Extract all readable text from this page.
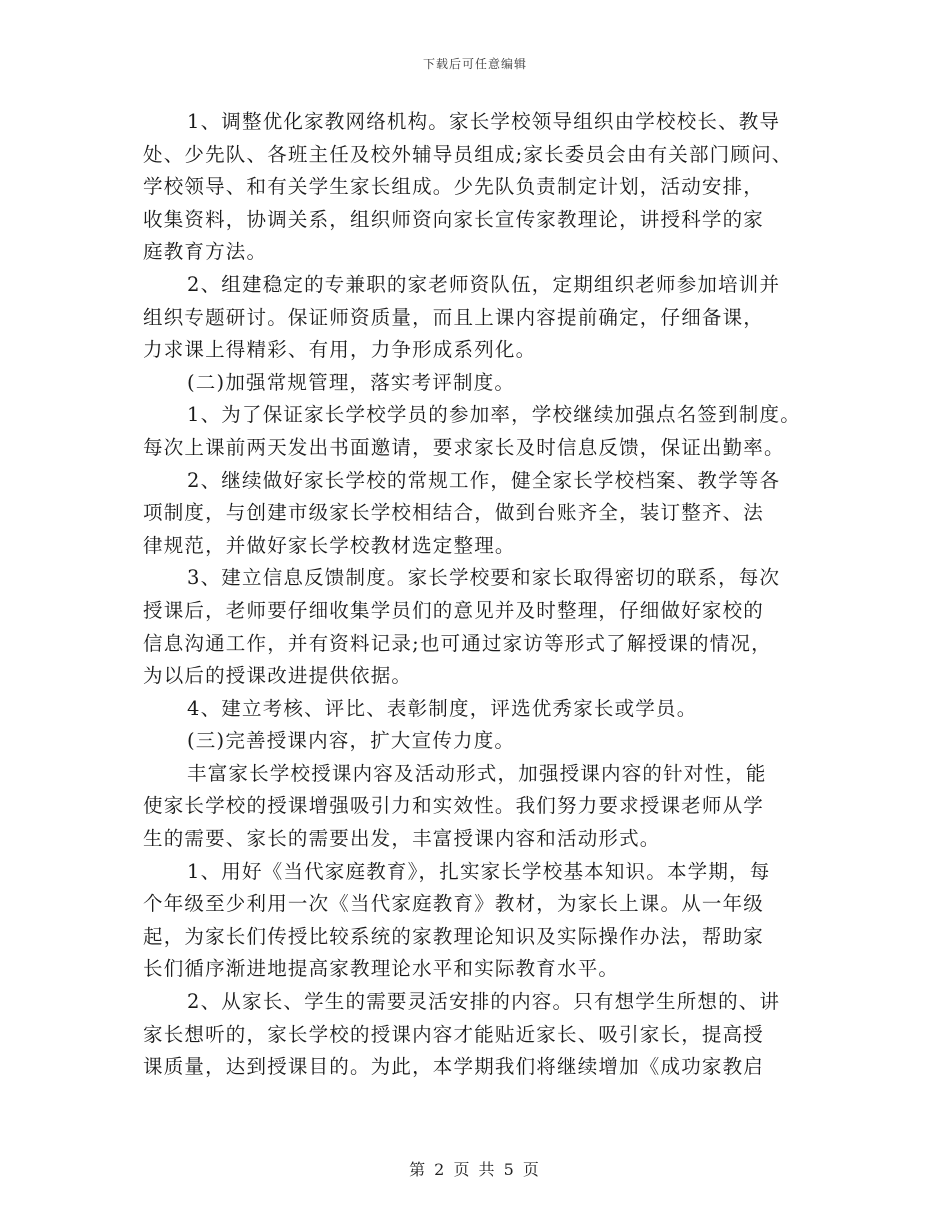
下载后可任意编辑
1、调整优化家教网络机构。家长学校领导组织由学校校长、教导
处、少先队、各班主任及校外辅导员组成;家长委员会由有关部门顾问、
学校领导、和有关学生家长组成。少先队负责制定计划，活动安排，
收集资料，协调关系，组织师资向家长宣传家教理论，讲授科学的家
庭教育方法。
2、组建稳定的专兼职的家老师资队伍，定期组织老师参加培训并
组织专题研讨。保证师资质量，而且上课内容提前确定，仔细备课，
力求课上得精彩、有用，力争形成系列化。
(二)加强常规管理，落实考评制度。
1、为了保证家长学校学员的参加率，学校继续加强点名签到制度。
每次上课前两天发出书面邀请，要求家长及时信息反馈，保证出勤率。
2、继续做好家长学校的常规工作，健全家长学校档案、教学等各
项制度，与创建市级家长学校相结合，做到台账齐全，装订整齐、法
律规范，并做好家长学校教材选定整理。
3、建立信息反馈制度。家长学校要和家长取得密切的联系，每次
授课后，老师要仔细收集学员们的意见并及时整理，仔细做好家校的
信息沟通工作，并有资料记录;也可通过家访等形式了解授课的情况，
为以后的授课改进提供依据。
4、建立考核、评比、表彰制度，评选优秀家长或学员。
(三)完善授课内容，扩大宣传力度。
丰富家长学校授课内容及活动形式，加强授课内容的针对性，能
使家长学校的授课增强吸引力和实效性。我们努力要求授课老师从学
生的需要、家长的需要出发，丰富授课内容和活动形式。
1、用好《当代家庭教育》，扎实家长学校基本知识。本学期，每
个年级至少利用一次《当代家庭教育》教材，为家长上课。从一年级
起，为家长们传授比较系统的家教理论知识及实际操作办法，帮助家
长们循序渐进地提高家教理论水平和实际教育水平。
2、从家长、学生的需要灵活安排的内容。只有想学生所想的、讲
家长想听的，家长学校的授课内容才能贴近家长、吸引家长，提高授
课质量，达到授课目的。为此，本学期我们将继续增加《成功家教启
第 2 页 共 5 页
